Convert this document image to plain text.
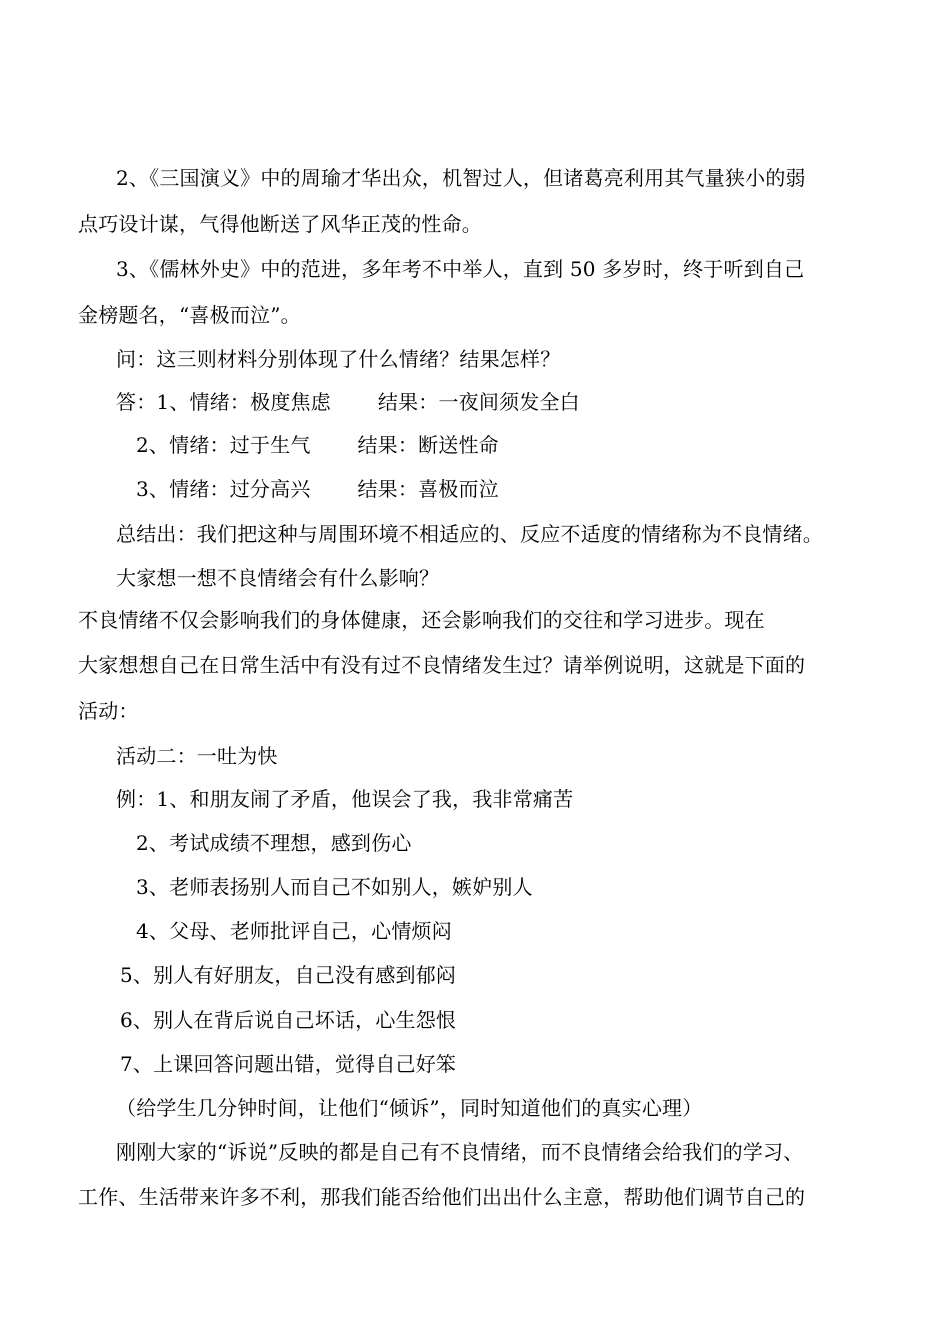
2、《三国演义》中的周瑜才华出众，机智过人，但诸葛亮利用其气量狭小的弱
点巧设计谋，气得他断送了风华正茂的性命。
3、《儒林外史》中的范进，多年考不中举人，直到 50 多岁时，终于听到自己
金榜题名，“喜极而泣”。
问：这三则材料分别体现了什么情绪？结果怎样？
答：1、情绪：极度焦虑　　 结果：一夜间须发全白
2、情绪：过于生气　　 结果：断送性命
3、情绪：过分高兴　　 结果：喜极而泣
总结出：我们把这种与周围环境不相适应的、反应不适度的情绪称为不良情绪。
大家想一想不良情绪会有什么影响？
不良情绪不仅会影响我们的身体健康，还会影响我们的交往和学习进步。现在
大家想想自己在日常生活中有没有过不良情绪发生过？请举例说明，这就是下面的
活动：
活动二：一吐为快
例：1、和朋友闹了矛盾，他误会了我，我非常痛苦
2、考试成绩不理想，感到伤心
3、老师表扬别人而自己不如别人，嫉妒别人
4、父母、老师批评自己，心情烦闷
5、别人有好朋友，自己没有感到郁闷
6、别人在背后说自己坏话，心生怨恨
7、上课回答问题出错，觉得自己好笨
（给学生几分钟时间，让他们“倾诉”，同时知道他们的真实心理）
刚刚大家的“诉说”反映的都是自己有不良情绪，而不良情绪会给我们的学习、
工作、生活带来许多不利，那我们能否给他们出出什么主意，帮助他们调节自己的
